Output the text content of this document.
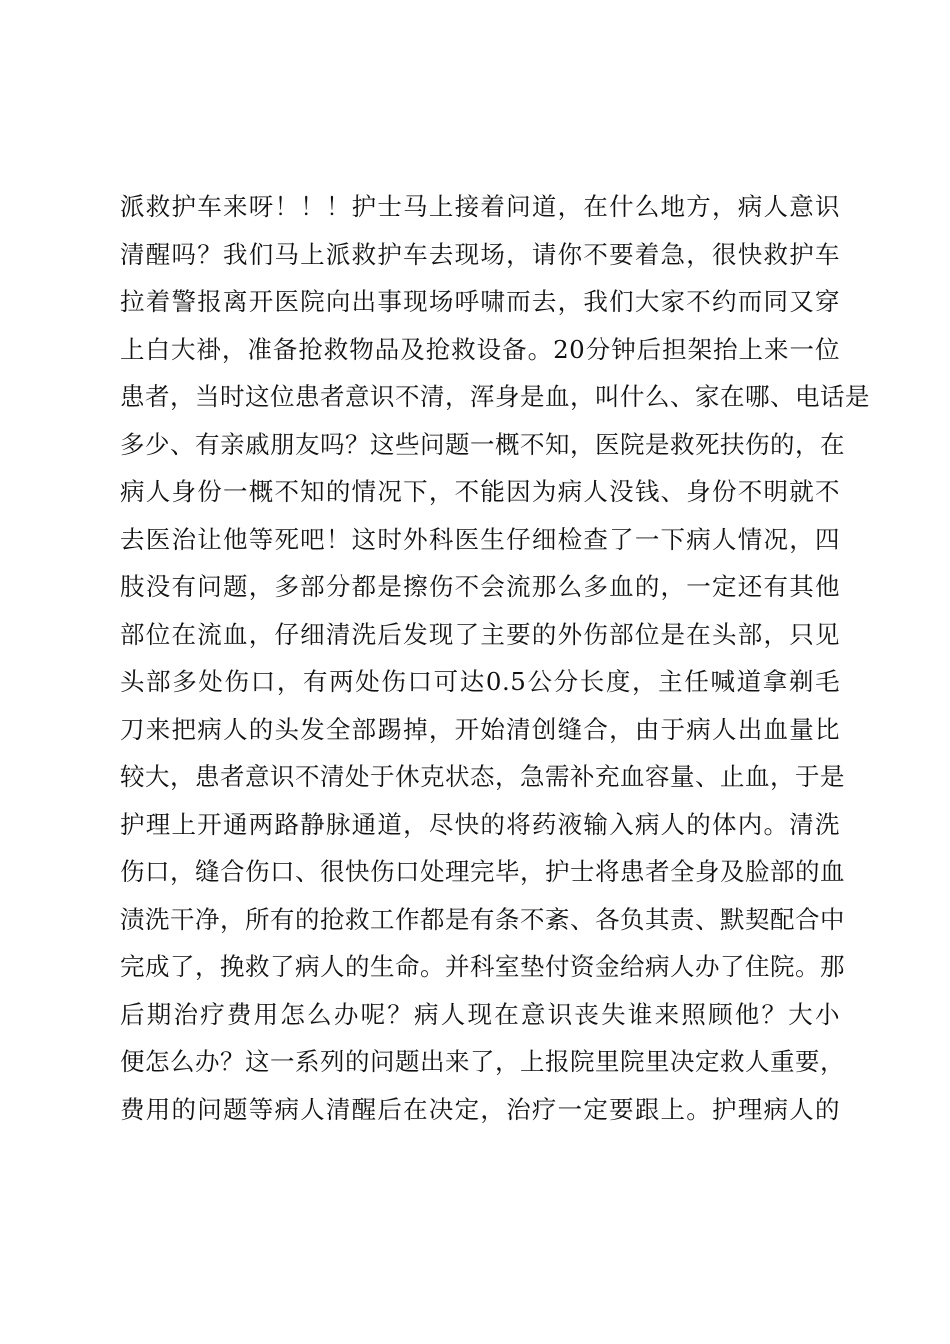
派救护车来呀！！！护士马上接着问道，在什么地方，病人意识
清醒吗？我们马上派救护车去现场，请你不要着急，很快救护车
拉着警报离开医院向出事现场呼啸而去，我们大家不约而同又穿
上白大褂，准备抢救物品及抢救设备。20分钟后担架抬上来一位
患者，当时这位患者意识不清，浑身是血，叫什么、家在哪、电话是
多少、有亲戚朋友吗？这些问题一概不知，医院是救死扶伤的，在
病人身份一概不知的情况下，不能因为病人没钱、身份不明就不
去医治让他等死吧！这时外科医生仔细检查了一下病人情况，四
肢没有问题，多部分都是擦伤不会流那么多血的，一定还有其他
部位在流血，仔细清洗后发现了主要的外伤部位是在头部，只见
头部多处伤口，有两处伤口可达0.5公分长度，主任喊道拿剃毛
刀来把病人的头发全部踢掉，开始清创缝合，由于病人出血量比
较大，患者意识不清处于休克状态，急需补充血容量、止血，于是
护理上开通两路静脉通道，尽快的将药液输入病人的体内。清洗
伤口，缝合伤口、很快伤口处理完毕，护士将患者全身及脸部的血
渍洗干净，所有的抢救工作都是有条不紊、各负其责、默契配合中
完成了，挽救了病人的生命。并科室垫付资金给病人办了住院。那
后期治疗费用怎么办呢？病人现在意识丧失谁来照顾他？大小
便怎么办？这一系列的问题出来了，上报院里院里决定救人重要，
费用的问题等病人清醒后在决定，治疗一定要跟上。护理病人的
